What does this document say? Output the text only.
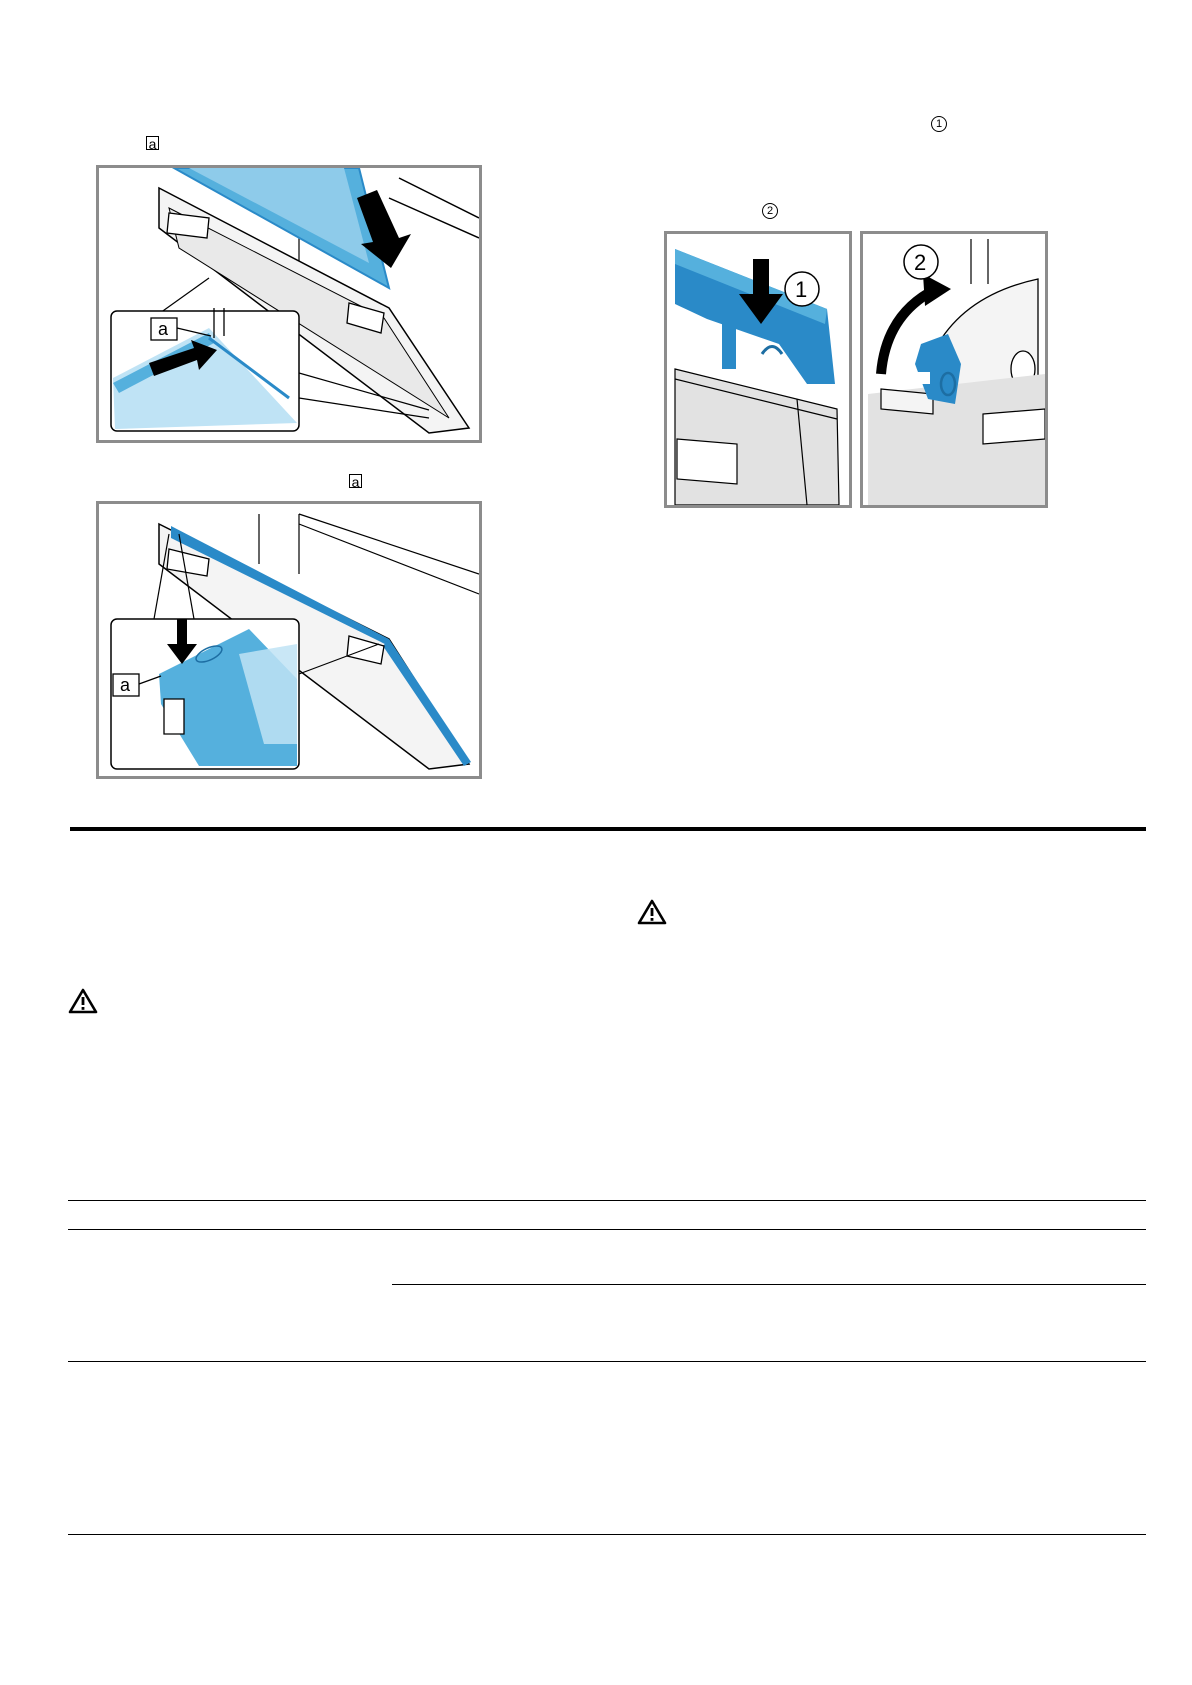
a
a
1
2
a
a
1
2
